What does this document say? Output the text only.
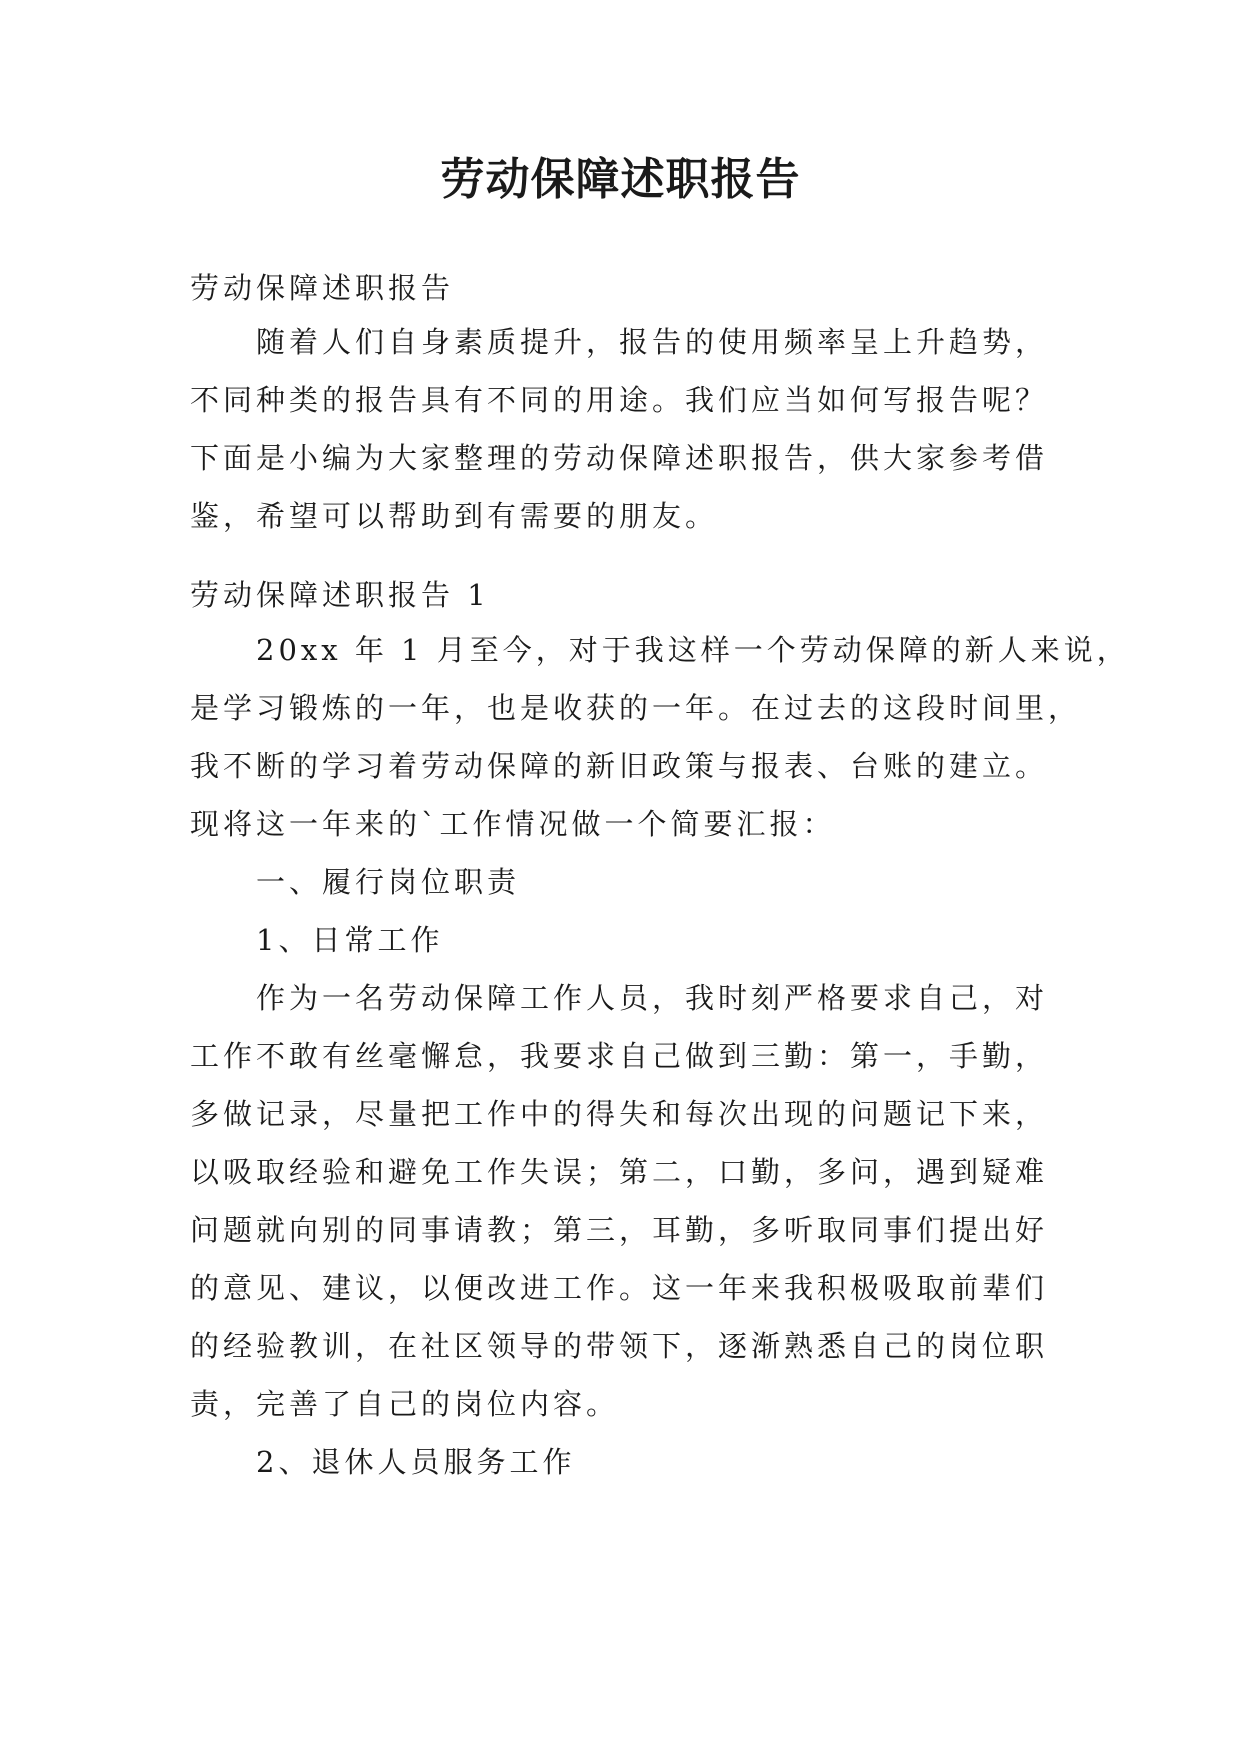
劳动保障述职报告

劳动保障述职报告

随着人们自身素质提升，报告的使用频率呈上升趋势，
不同种类的报告具有不同的用途。我们应当如何写报告呢？
下面是小编为大家整理的劳动保障述职报告，供大家参考借
鉴，希望可以帮助到有需要的朋友。

劳动保障述职报告 1

20xx 年 1 月至今，对于我这样一个劳动保障的新人来说，
是学习锻炼的一年，也是收获的一年。在过去的这段时间里，
我不断的学习着劳动保障的新旧政策与报表、台账的建立。
现将这一年来的`工作情况做一个简要汇报：

一、履行岗位职责

1、日常工作

作为一名劳动保障工作人员，我时刻严格要求自己，对
工作不敢有丝毫懈怠，我要求自己做到三勤：第一，手勤，
多做记录，尽量把工作中的得失和每次出现的问题记下来，
以吸取经验和避免工作失误；第二，口勤，多问，遇到疑难
问题就向别的同事请教；第三，耳勤，多听取同事们提出好
的意见、建议，以便改进工作。这一年来我积极吸取前辈们
的经验教训，在社区领导的带领下，逐渐熟悉自己的岗位职
责，完善了自己的岗位内容。

2、退休人员服务工作
